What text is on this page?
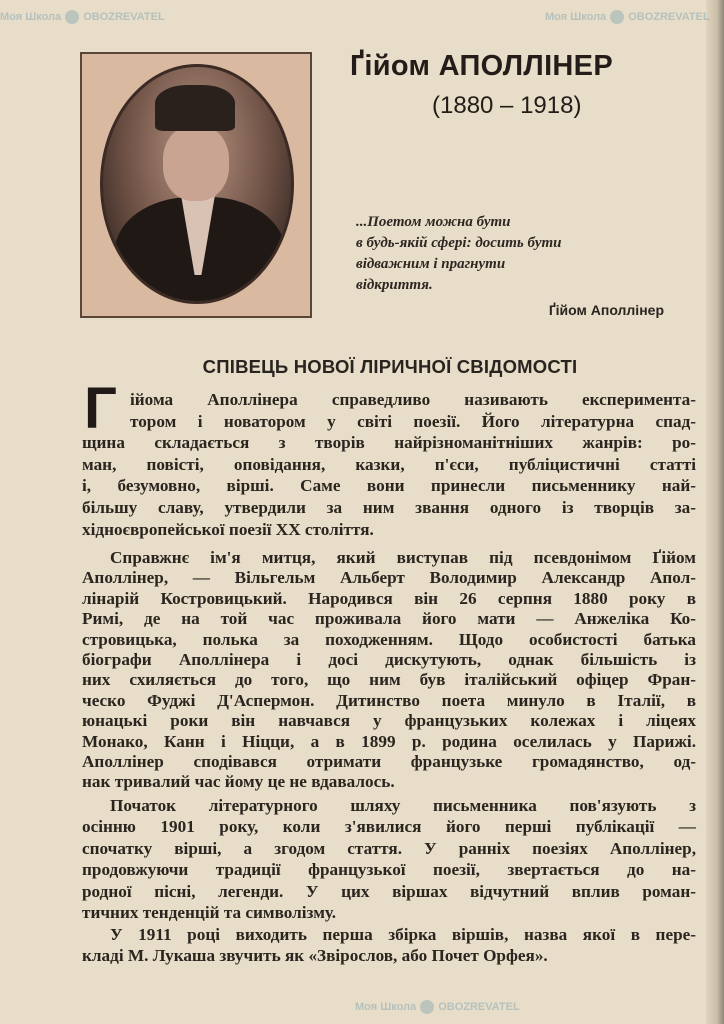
Ґійом АПОЛЛІНЕР
(1880 – 1918)
...Поетом можна бути
в будь-якій сфері: досить бути
відважним і прагнути
відкриття.
Ґійом Аполлінер
СПІВЕЦЬ НОВОЇ ЛІРИЧНОЇ СВІДОМОСТІ
Г ійома Аполлінера справедливо називають експеримента-
тором і новатором у світі поезії. Його літературна спад-
щина складається з творів найрізноманітніших жанрів: ро-
ман, повісті, оповідання, казки, п'єси, публіцистичні статті
і, безумовно, вірші. Саме вони принесли письменнику най-
більшу славу, утвердили за ним звання одного із творців за-
хідноєвропейської поезії XX століття.
Справжнє ім'я митця, який виступав під псевдонімом Ґійом
Аполлінер, — Вільгельм Альберт Володимир Александр Апол-
лінарій Костровицький. Народився він 26 серпня 1880 року в
Римі, де на той час проживала його мати — Анжеліка Ко-
стровицька, полька за походженням. Щодо особистості батька
біографи Аполлінера і досі дискутують, однак більшість із
них схиляється до того, що ним був італійський офіцер Фран-
ческо Фуджі Д'Аспермон. Дитинство поета минуло в Італії, в
юнацькі роки він навчався у французьких колежах і ліцеях
Монако, Канн і Ніцци, а в 1899 р. родина оселилась у Парижі.
Аполлінер сподівався отримати французьке громадянство, од-
нак тривалий час йому це не вдавалось.
Початок літературного шляху письменника пов'язують з
осінню 1901 року, коли з'явилися його перші публікації —
спочатку вірші, а згодом стаття. У ранніх поезіях Аполлінер,
продовжуючи традиції французької поезії, звертається до на-
родної пісні, легенди. У цих віршах відчутний вплив роман-
тичних тенденцій та символізму.
У 1911 році виходить перша збірка віршів, назва якої в пере-
кладі М. Лукаша звучить як «Звірослов, або Почет Орфея».
Моя Школа OBOZREVATEL	Моя Школа OBOZREVATEL
Моя Школа OBOZREVATEL
